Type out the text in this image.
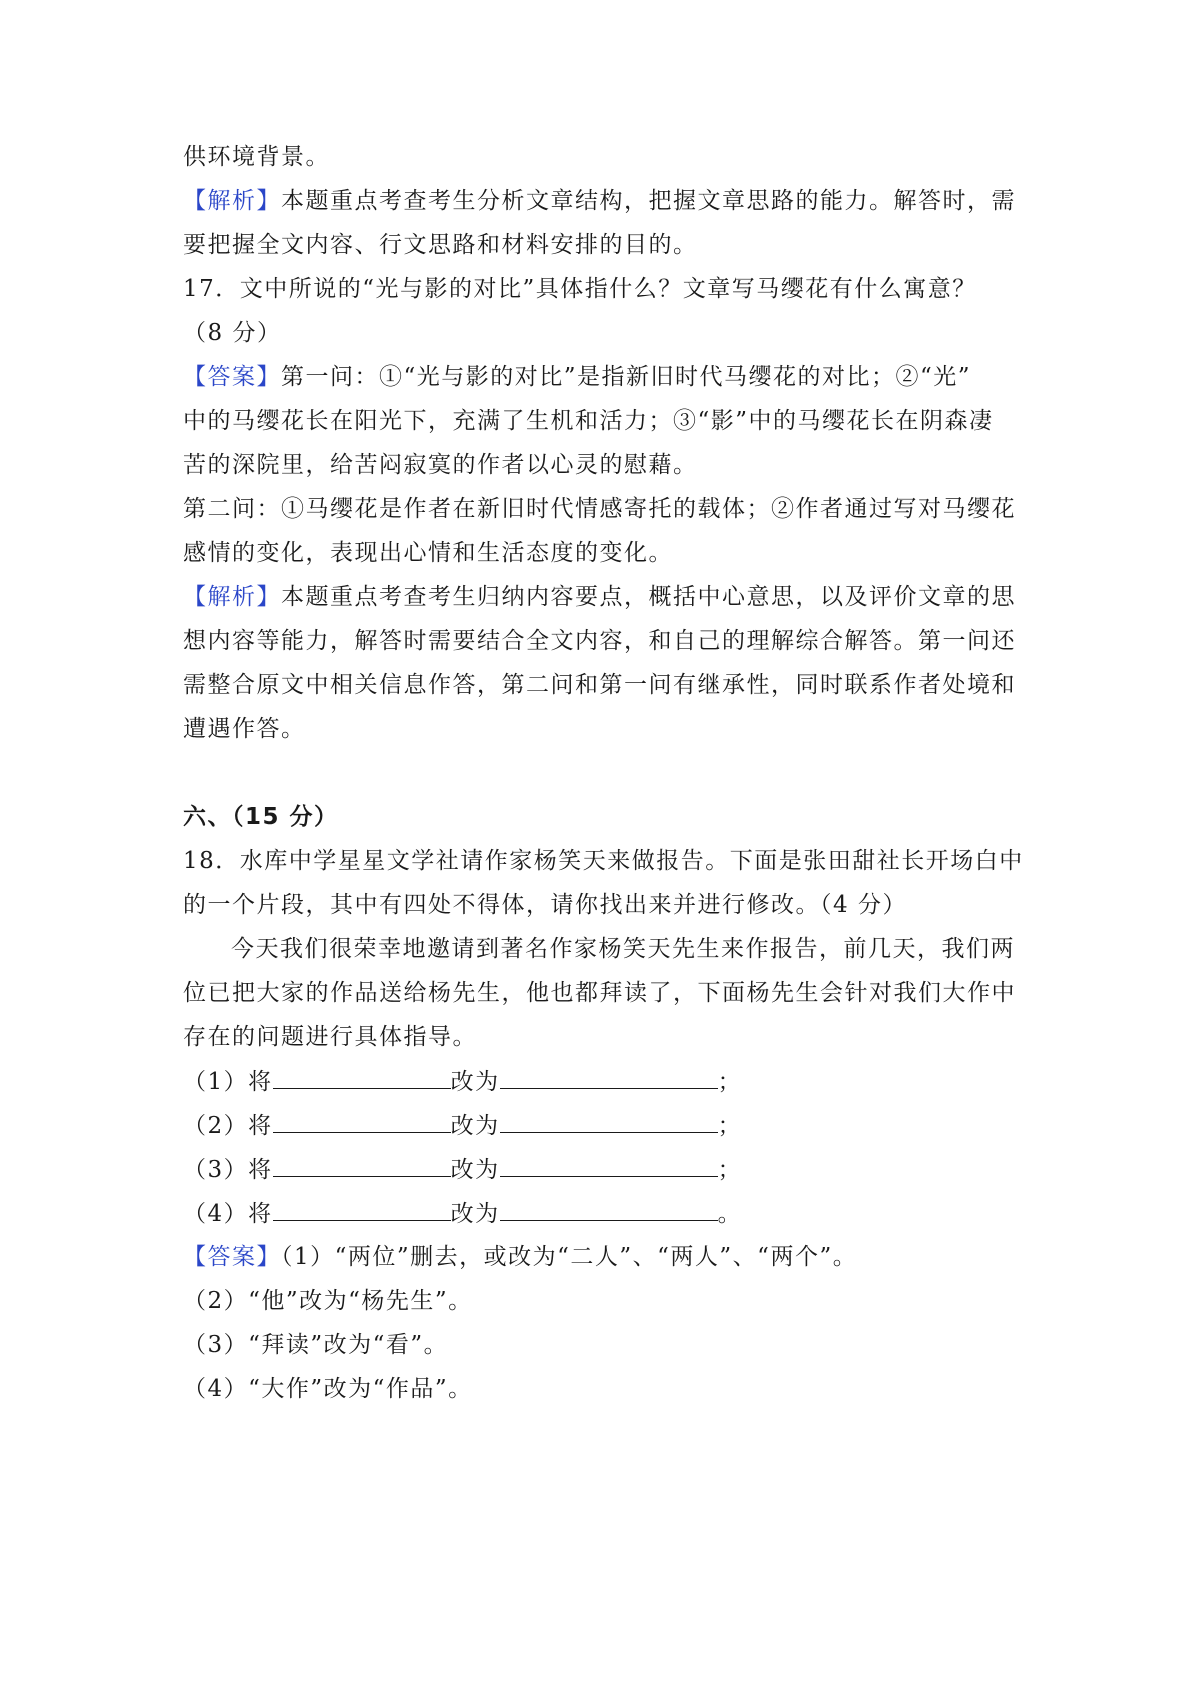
供环境背景。
【解析】本题重点考查考生分析文章结构，把握文章思路的能力。解答时，需
要把握全文内容、行文思路和材料安排的目的。
17．文中所说的“光与影的对比”具体指什么？文章写马缨花有什么寓意？
（8 分）
【答案】第一问：①“光与影的对比”是指新旧时代马缨花的对比；②“光”
中的马缨花长在阳光下，充满了生机和活力；③“影”中的马缨花长在阴森凄
苦的深院里，给苦闷寂寞的作者以心灵的慰藉。
第二问：①马缨花是作者在新旧时代情感寄托的载体；②作者通过写对马缨花
感情的变化，表现出心情和生活态度的变化。
【解析】本题重点考查考生归纳内容要点，概括中心意思，以及评价文章的思
想内容等能力，解答时需要结合全文内容，和自己的理解综合解答。第一问还
需整合原文中相关信息作答，第二问和第一问有继承性，同时联系作者处境和
遭遇作答。
六、（15 分）
18．水库中学星星文学社请作家杨笑天来做报告。下面是张田甜社长开场白中
的一个片段，其中有四处不得体，请你找出来并进行修改。（4 分）
今天我们很荣幸地邀请到著名作家杨笑天先生来作报告，前几天，我们两
位已把大家的作品送给杨先生，他也都拜读了，下面杨先生会针对我们大作中
存在的问题进行具体指导。
（1）将	改为	；
（2）将	改为	；
（3）将	改为	；
（4）将	改为	。
【答案】（1）“两位”删去，或改为“二人”、“两人”、“两个”。
（2）“他”改为“杨先生”。
（3）“拜读”改为“看”。
（4）“大作”改为“作品”。
